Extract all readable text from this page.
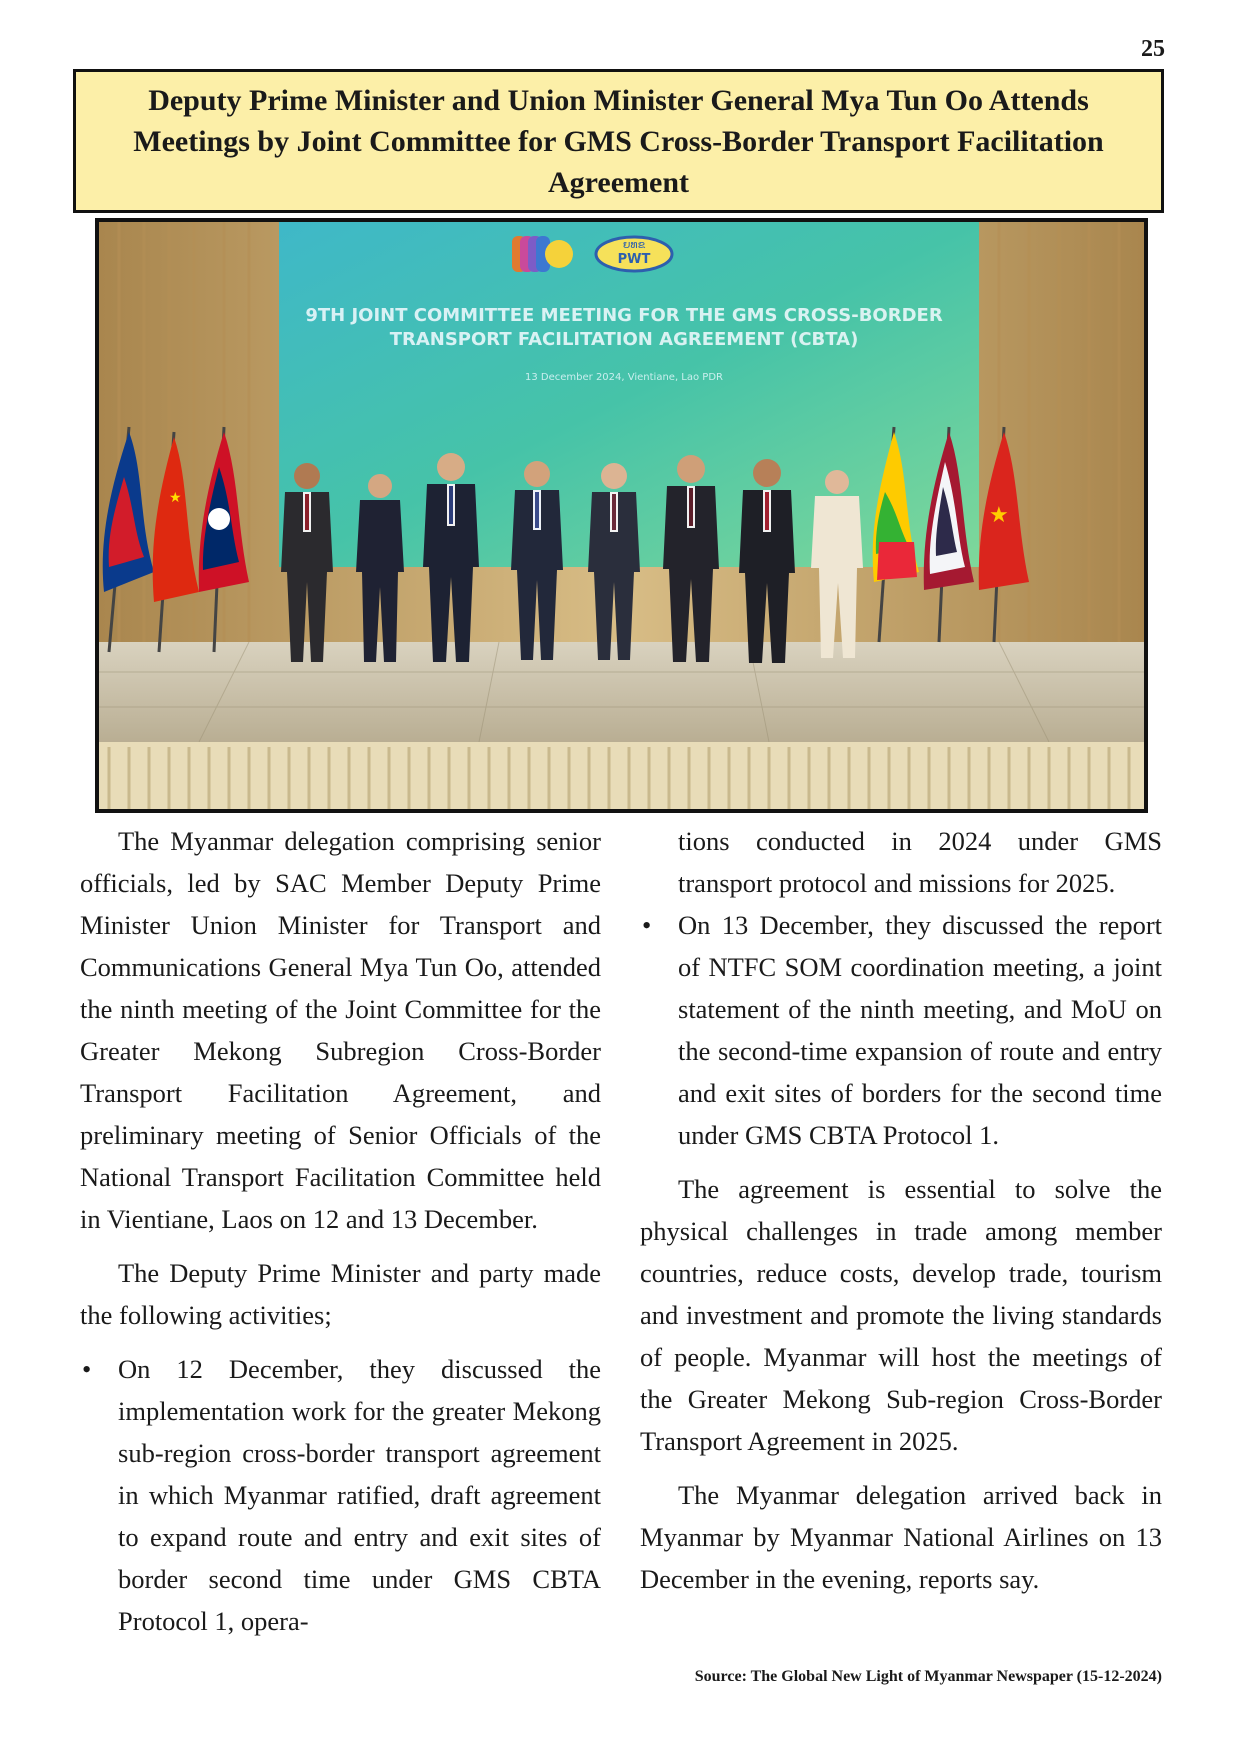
25
Deputy Prime Minister and Union Minister General Mya Tun Oo Attends Meetings by Joint Committee for GMS Cross-Border Transport Facilitation Agreement
ຍທຂ
PWT
9TH JOINT COMMITTEE MEETING FOR THE GMS CROSS-BORDER
TRANSPORT FACILITATION AGREEMENT (CBTA)
13 December 2024, Vientiane, Lao PDR
★
★

The Myanmar delegation comprising senior officials, led by SAC Member Deputy Prime Minister Union Minister for Transport and Communications General Mya Tun Oo, attended the ninth meeting of the Joint Committee for the Greater Mekong Subregion Cross-Border Transport Facilitation Agreement, and preliminary meeting of Senior Officials of the National Transport Facilitation Committee held in Vientiane, Laos on 12 and 13 December.

The Deputy Prime Minister and party made the following activities;

• On 12 December, they discussed the implementation work for the greater Mekong sub-region cross-border transport agreement in which Myanmar ratified, draft agreement to expand route and entry and exit sites of border second time under GMS CBTA Protocol 1, opera-
tions conducted in 2024 under GMS transport protocol and missions for 2025.
• On 13 December, they discussed the report of NTFC SOM coordination meeting, a joint statement of the ninth meeting, and MoU on the second-time expansion of route and entry and exit sites of borders for the second time under GMS CBTA Protocol 1.

The agreement is essential to solve the physical challenges in trade among member countries, reduce costs, develop trade, tourism and investment and promote the living standards of people. Myanmar will host the meetings of the Greater Mekong Sub-region Cross-Border Transport Agreement in 2025.

The Myanmar delegation arrived back in Myanmar by Myanmar National Airlines on 13 December in the evening, reports say.

Source: The Global New Light of Myanmar Newspaper (15-12-2024)
